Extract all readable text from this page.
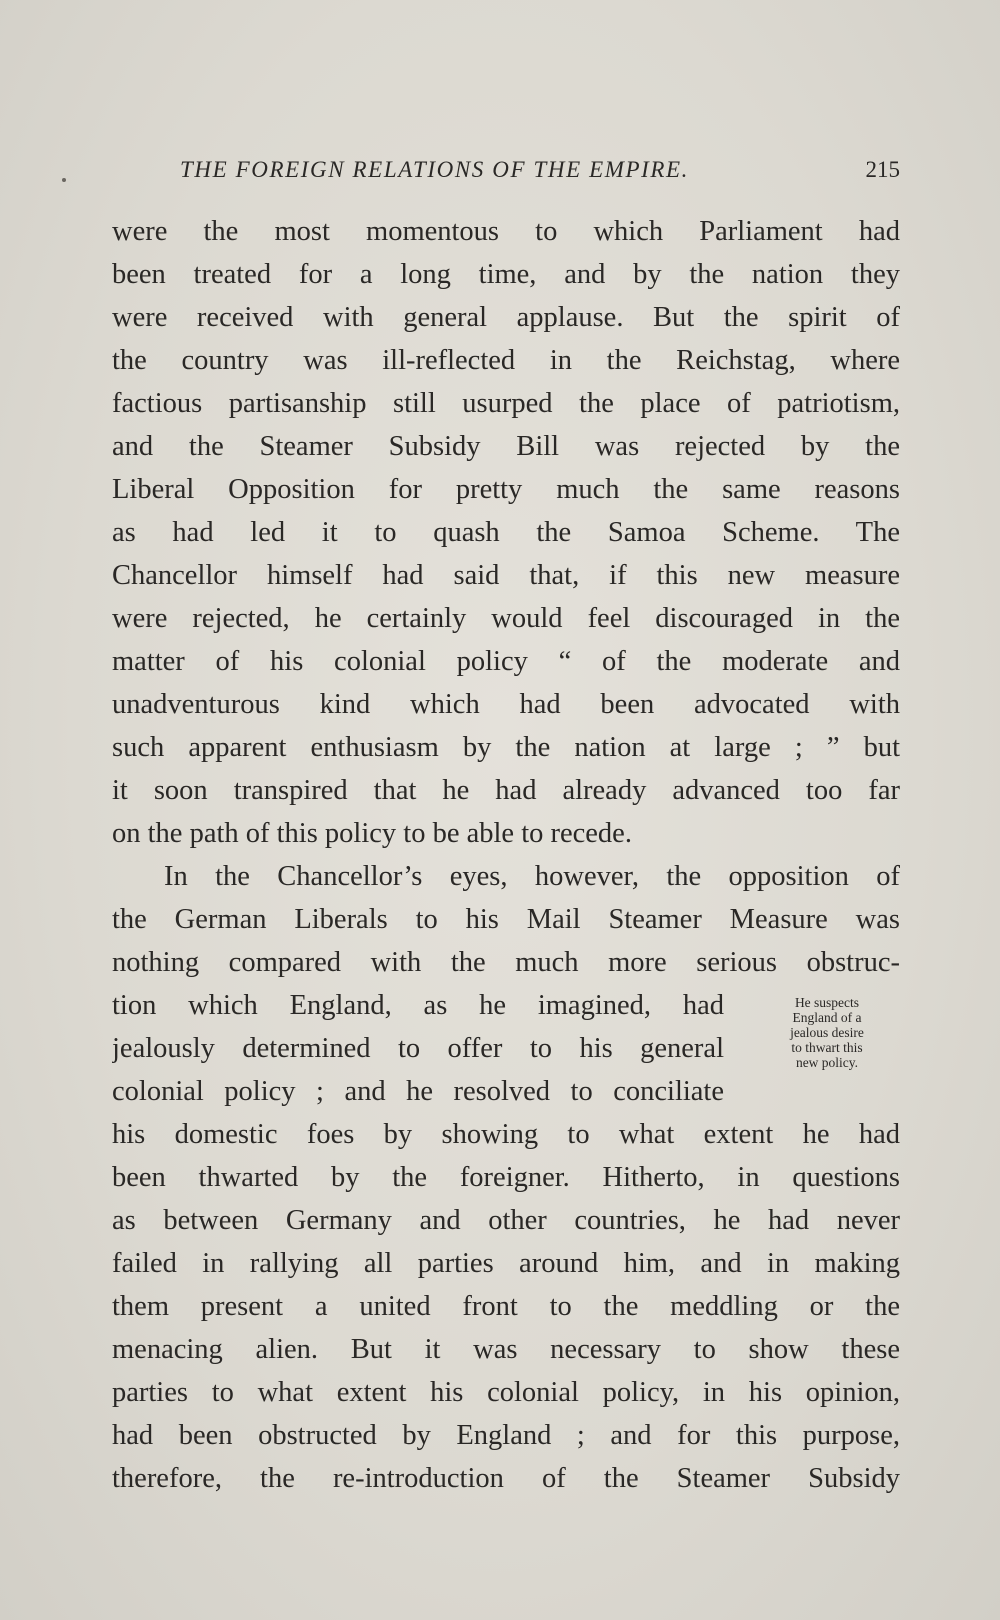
THE FOREIGN RELATIONS OF THE EMPIRE.	215
were the most momentous to which Parliament had
been treated for a long time, and by the nation they
were received with general applause. But the spirit of
the country was ill-reflected in the Reichstag, where
factious partisanship still usurped the place of patriotism,
and the Steamer Subsidy Bill was rejected by the
Liberal Opposition for pretty much the same reasons
as had led it to quash the Samoa Scheme. The
Chancellor himself had said that, if this new measure
were rejected, he certainly would feel discouraged in the
matter of his colonial policy “ of the moderate and
unadventurous kind which had been advocated with
such apparent enthusiasm by the nation at large ; ” but
it soon transpired that he had already advanced too far
on the path of this policy to be able to recede.
In the Chancellor’s eyes, however, the opposition of
the German Liberals to his Mail Steamer Measure was
nothing compared with the much more serious obstruc-
tion which England, as he imagined, had
jealously determined to offer to his general
colonial policy ; and he resolved to conciliate
his domestic foes by showing to what extent he had
been thwarted by the foreigner. Hitherto, in questions
as between Germany and other countries, he had never
failed in rallying all parties around him, and in making
them present a united front to the meddling or the
menacing alien. But it was necessary to show these
parties to what extent his colonial policy, in his opinion,
had been obstructed by England ; and for this purpose,
therefore, the re-introduction of the Steamer Subsidy
He suspects
England of a
jealous desire
to thwart this
new policy.
